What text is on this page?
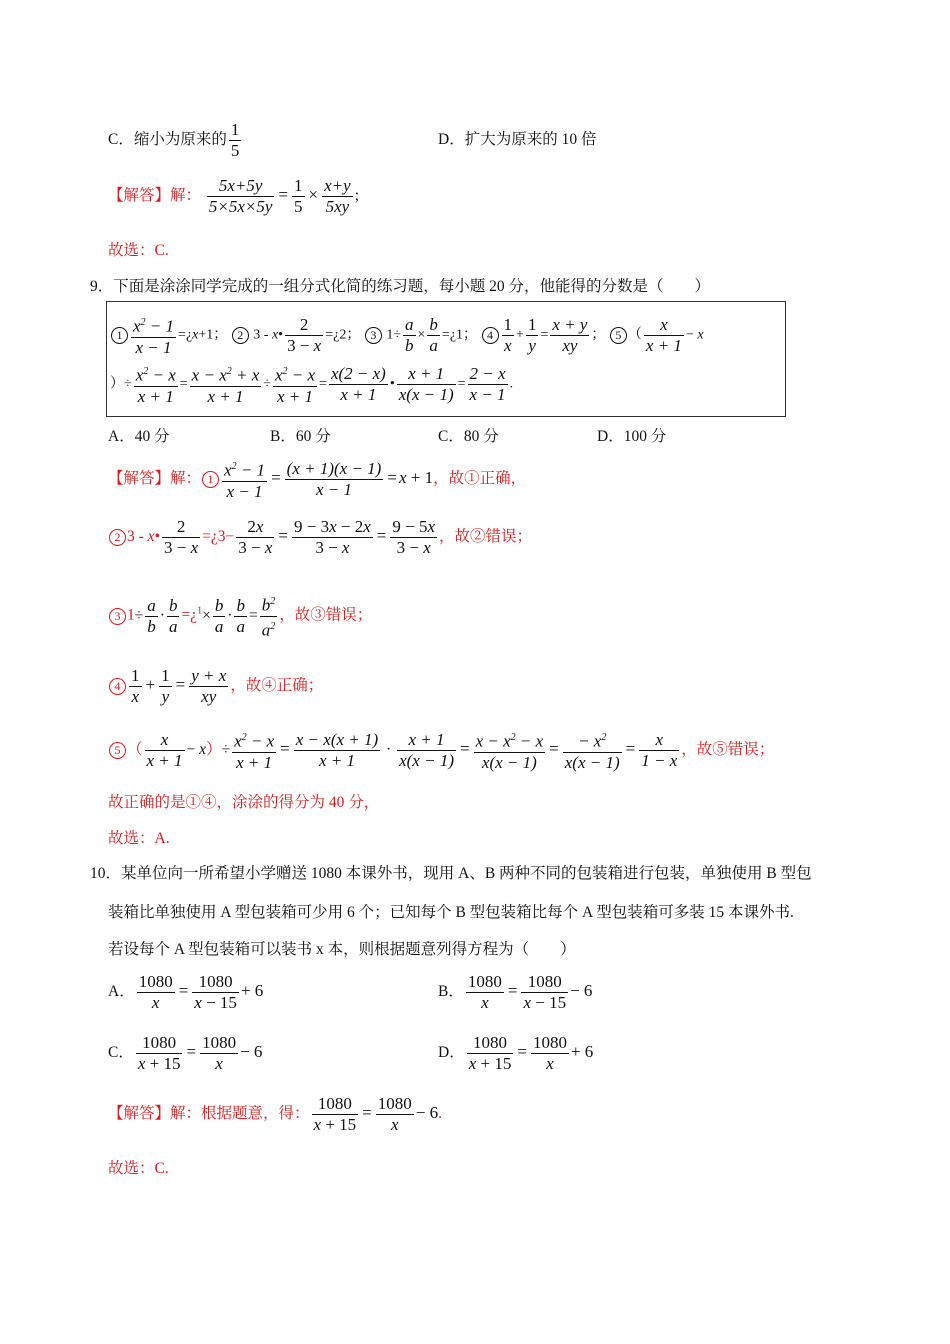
C．缩小为原来的 $\frac{1}{5}$	D．扩大为原来的 10 倍
【解答】解： $\frac{5x+5y}{5\times 5x\times 5y} = \frac{1}{5} \times \frac{x+y}{5xy}$ ;
故选：C.
9．下面是涂涂同学完成的一组分式化简的练习题，每小题 20 分，他能得的分数是（　　）
$1 \frac{x^2 - 1}{x - 1}$ =¿x+1； 2 3 - x• $\frac{2}{3 - x}$ =¿2； 3 $1\div \frac{a}{b} \times \frac{b}{a}$ =¿1； $4 \frac{1}{x} + \frac{1}{y} = \frac{x + y}{xy}$ ； 5 （ $\frac{x}{x + 1} - x$
）÷ $\frac{x^2 - x}{x + 1} = \frac{x - x^2 + x}{x + 1} \div \frac{x^2 - x}{x + 1} = \frac{x(2 - x)}{x + 1}$ • $\frac{x + 1}{x(x - 1)} = \frac{2 - x}{x - 1}$ .
A．40 分	B．60 分	C．80 分	D．100 分
【解答】解： $1 \frac{x^2 - 1}{x - 1} = \frac{(x + 1)(x - 1)}{x - 1} = x + 1$，故①正确，
2 3 - x• $\frac{2}{3 - x}$ =¿3− $\frac{2x}{3 - x} = \frac{9 - 3x - 2x}{3 - x} = \frac{9 - 5x}{3 - x}$ ，故②错误；
3 $1\div \frac{a}{b} \cdot \frac{b}{a}$ =¿$^1$× $\frac{b}{a} \cdot \frac{b}{a} = \frac{b^2}{a^2}$ ，故③错误；
$4 \frac{1}{x} + \frac{1}{y} = \frac{y + x}{xy}$ ，故④正确；
5 （ $\frac{x}{x + 1} - x)\div \frac{x^2 - x}{x + 1} = \frac{x - x(x + 1)}{x + 1} \cdot \frac{x + 1}{x(x - 1)} = \frac{x - x^2 - x}{x(x - 1)} = \frac{- x^2}{x(x - 1)} = \frac{x}{1 - x}$ ，故⑤错误；
故正确的是①④，涂涂的得分为 40 分，
故选：A.
10．某单位向一所希望小学赠送 1080 本课外书，现用 A、B 两种不同的包装箱进行包装，单独使用 B 型包
装箱比单独使用 A 型包装箱可少用 6 个；已知每个 B 型包装箱比每个 A 型包装箱可多装 15 本课外书.
若设每个 A 型包装箱可以装书 x 本，则根据题意列得方程为（　　）
A． $\frac{1080}{x} = \frac{1080}{x - 15} + 6$	B． $\frac{1080}{x} = \frac{1080}{x - 15} - 6$
C． $\frac{1080}{x + 15} = \frac{1080}{x} - 6$	D． $\frac{1080}{x + 15} = \frac{1080}{x} + 6$
【解答】解：根据题意，得： $\frac{1080}{x + 15} = \frac{1080}{x} - 6$.
故选：C.
